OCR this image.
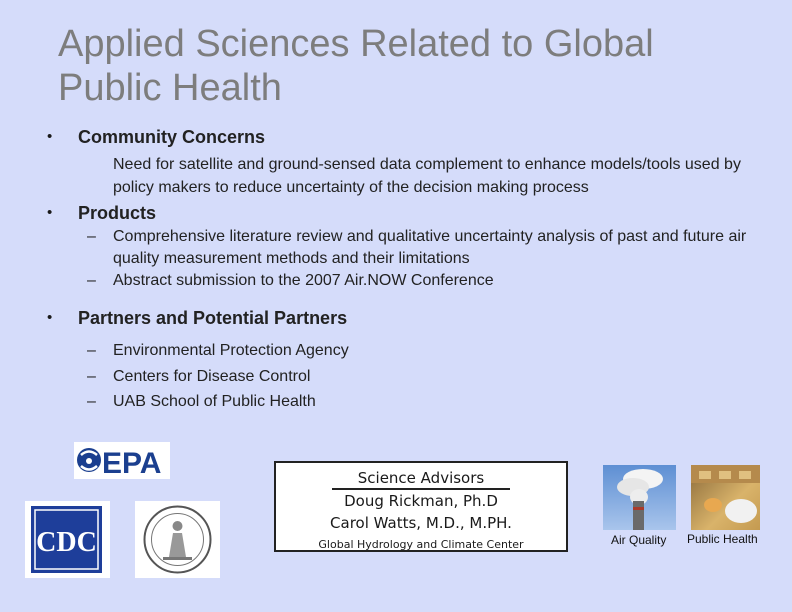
Applied Sciences Related to Global Public Health
• Community Concerns
Need for satellite and ground-sensed data complement to enhance models/tools used by policy makers to reduce uncertainty of the decision making process
• Products
– Comprehensive literature review and qualitative uncertainty analysis of past and future air quality measurement methods and their limitations
– Abstract submission to the 2007 Air.NOW Conference
• Partners and Potential Partners
– Environmental Protection Agency
– Centers for Disease Control
– UAB School of Public Health
EPA
CDC
Science Advisors
Doug Rickman, Ph.D
Carol Watts, M.D., M.PH.
Global Hydrology and Climate Center	Air Quality Public Health
